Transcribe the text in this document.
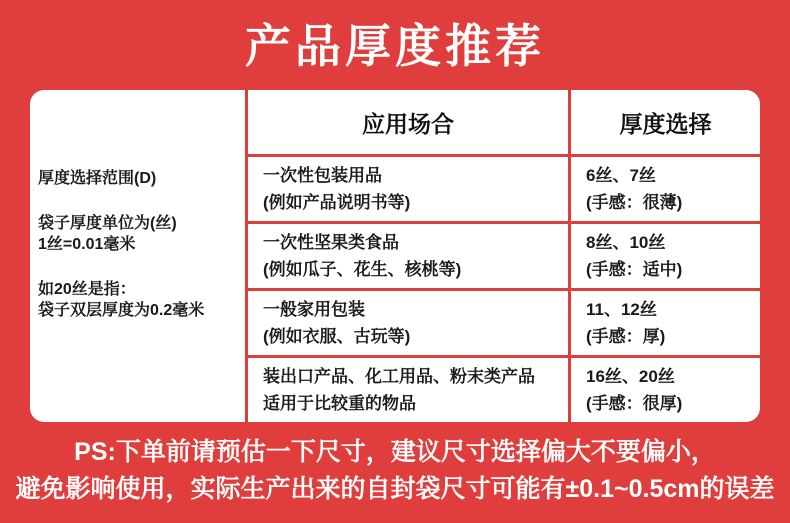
产品厚度推荐

厚度选择范围(D)

袋子厚度单位为(丝)

1丝=0.01毫米

如20丝是指：

袋子双层厚度为0.2毫米

应用场合
一次性包装用品
(例如产品说明书等)
一次性坚果类食品
(例如瓜子、花生、核桃等)
一般家用包装
(例如衣服、古玩等)
装出口产品、化工用品、粉末类产品
适用于比较重的物品
厚度选择
6丝、7丝
(手感：很薄)
8丝、10丝
(手感：适中)
11、12丝
(手感：厚)
16丝、20丝
(手感：很厚)
PS:下单前请预估一下尺寸，建议尺寸选择偏大不要偏小，
避免影响使用，实际生产出来的自封袋尺寸可能有±0.1~0.5cm的误差
